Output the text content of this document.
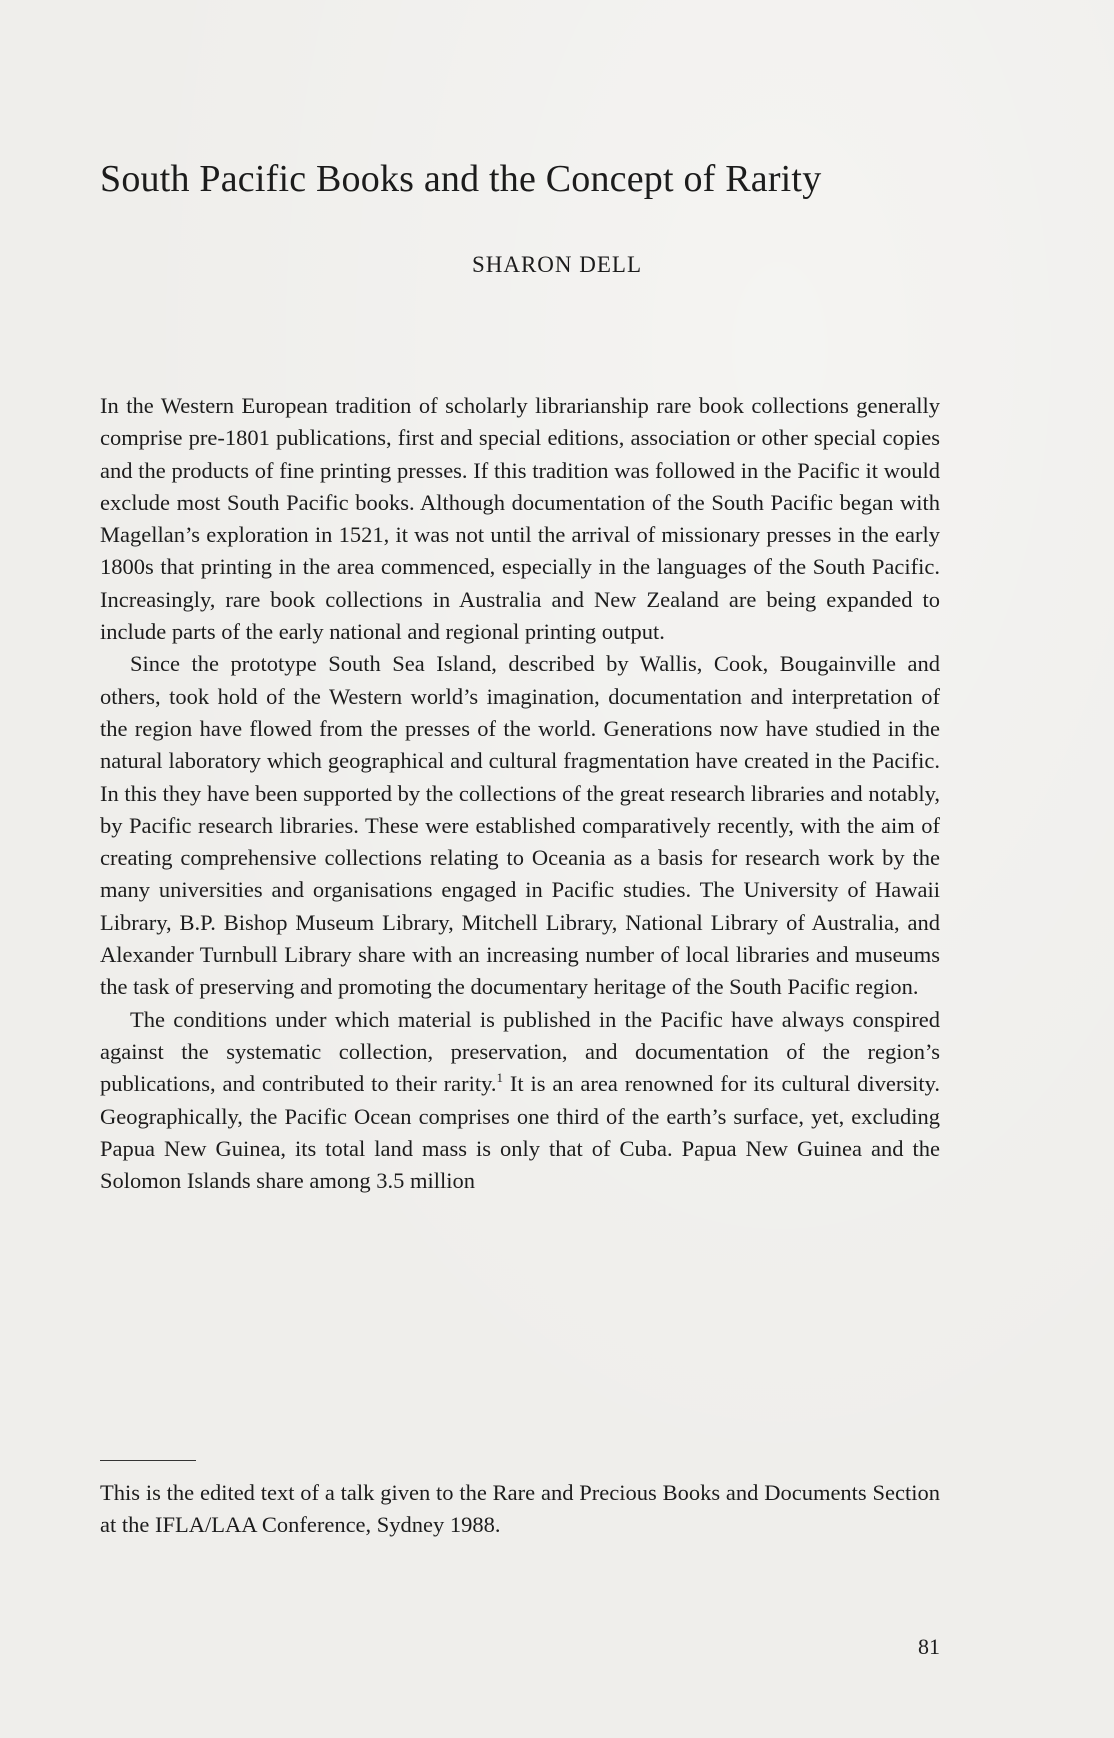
South Pacific Books and the Concept of Rarity

SHARON DELL

In the Western European tradition of scholarly librarianship rare book collections generally comprise pre-1801 publications, first and special editions, association or other special copies and the products of fine printing presses. If this tradition was followed in the Pacific it would exclude most South Pacific books. Although documentation of the South Pacific began with Magellan’s exploration in 1521, it was not until the arrival of missionary presses in the early 1800s that printing in the area commenced, especially in the languages of the South Pacific. Increasingly, rare book collections in Australia and New Zealand are being expanded to include parts of the early national and regional printing output.

Since the prototype South Sea Island, described by Wallis, Cook, Bougainville and others, took hold of the Western world’s imagination, documentation and interpretation of the region have flowed from the presses of the world. Generations now have studied in the natural laboratory which geographical and cultural fragmentation have created in the Pacific. In this they have been supported by the collections of the great research libraries and notably, by Pacific research libraries. These were established comparatively recently, with the aim of creating comprehensive collections relating to Oceania as a basis for research work by the many universities and organisations engaged in Pacific studies. The University of Hawaii Library, B.P. Bishop Museum Library, Mitchell Library, National Library of Australia, and Alexander Turnbull Library share with an increasing number of local libraries and museums the task of preserving and promoting the documentary heritage of the South Pacific region.

The conditions under which material is published in the Pacific have always conspired against the systematic collection, preservation, and documentation of the region’s publications, and contributed to their rarity.$^1$ It is an area renowned for its cultural diversity. Geographically, the Pacific Ocean comprises one third of the earth’s surface, yet, excluding Papua New Guinea, its total land mass is only that of Cuba. Papua New Guinea and the Solomon Islands share among 3.5 million

This is the edited text of a talk given to the Rare and Precious Books and Documents Section at the IFLA/LAA Conference, Sydney 1988.

81
